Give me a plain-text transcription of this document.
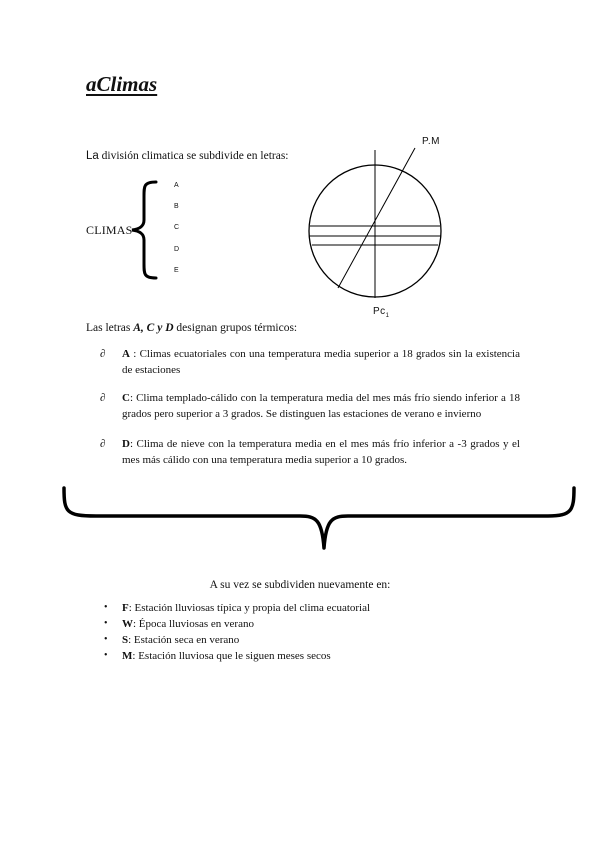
aClimas
La división climatica se subdivide en letras:
CLIMAS
A
B
C
D
E
P.M
$Pc_1$
Las letras A, C y D designan grupos térmicos:
∂ A : Climas ecuatoriales con una temperatura media superior a 18 grados sin la existencia de estaciones
∂ C: Clima templado-cálido con la temperatura media del mes más frío siendo inferior a 18 grados pero superior a 3 grados. Se distinguen las estaciones de verano e invierno
∂ D: Clima de nieve con la temperatura media en el mes más frío inferior a -3 grados y el mes más cálido con una temperatura media superior a 10 grados.
A su vez se subdividen nuevamente en:
• F: Estación lluviosas típica y propia del clima ecuatorial
• W: Época lluviosas en verano
• S: Estación seca en verano
• M: Estación lluviosa que le siguen meses secos
